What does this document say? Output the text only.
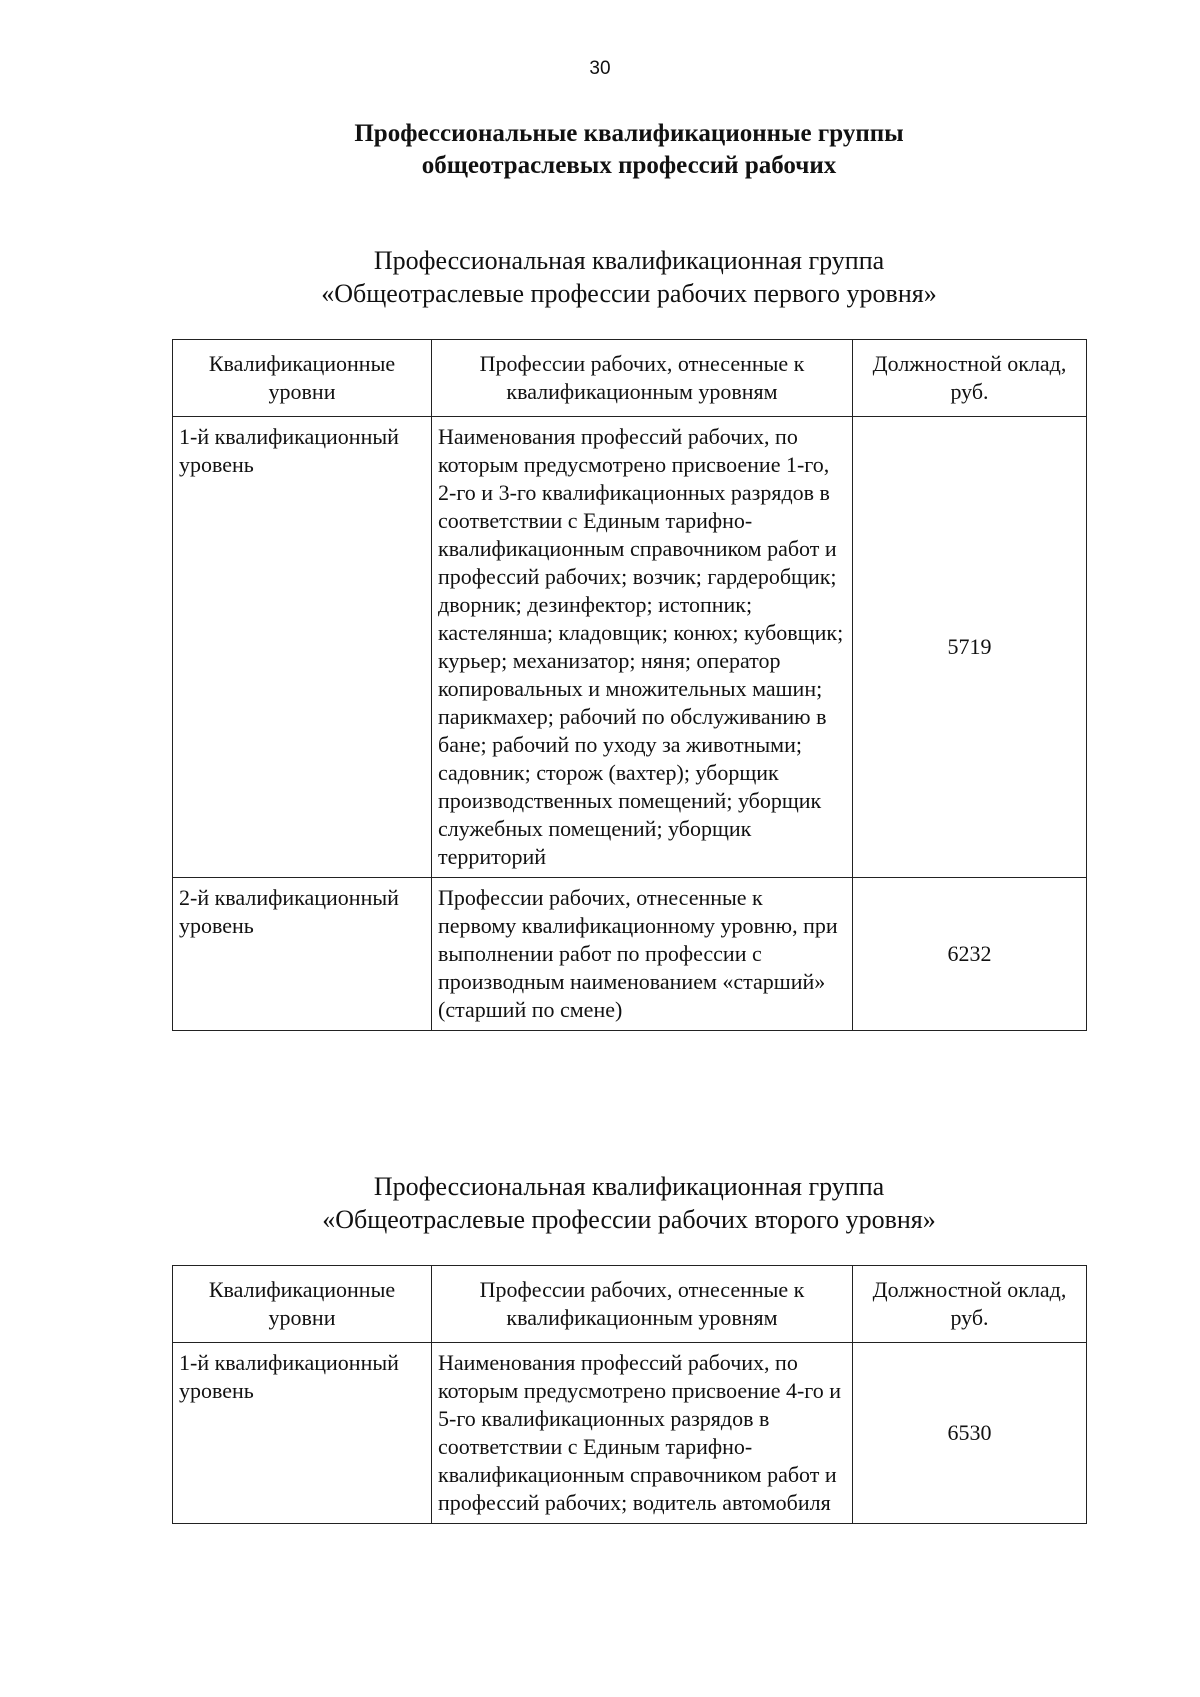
30
Профессиональные квалификационные группы
общеотраслевых профессий рабочих
Профессиональная квалификационная группа
«Общеотраслевые профессии рабочих первого уровня»
Квалификационные уровни	Профессии рабочих, отнесенные к квалификационным уровням	Должностной оклад, руб.
1-й квалификационный уровень	Наименования профессий рабочих, по которым предусмотрено присвоение 1-го, 2-го и 3-го квалификационных разрядов в соответствии с Единым тарифно-квалификационным справочником работ и профессий рабочих; возчик; гардеробщик; дворник; дезинфектор; истопник; кастелянша; кладовщик; конюх; кубовщик; курьер; механизатор; няня; оператор копировальных и множительных машин; парикмахер; рабочий по обслуживанию в бане; рабочий по уходу за животными; садовник; сторож (вахтер); уборщик производственных помещений; уборщик служебных помещений; уборщик территорий	5719
2-й квалификационный уровень	Профессии рабочих, отнесенные к первому квалификационному уровню, при выполнении работ по профессии с производным наименованием «старший» (старший по смене)	6232
Профессиональная квалификационная группа
«Общеотраслевые профессии рабочих второго уровня»
Квалификационные уровни	Профессии рабочих, отнесенные к квалификационным уровням	Должностной оклад, руб.
1-й квалификационный уровень	Наименования профессий рабочих, по которым предусмотрено присвоение 4-го и 5-го квалификационных разрядов в соответствии с Единым тарифно-квалификационным справочником работ и профессий рабочих; водитель автомобиля	6530
